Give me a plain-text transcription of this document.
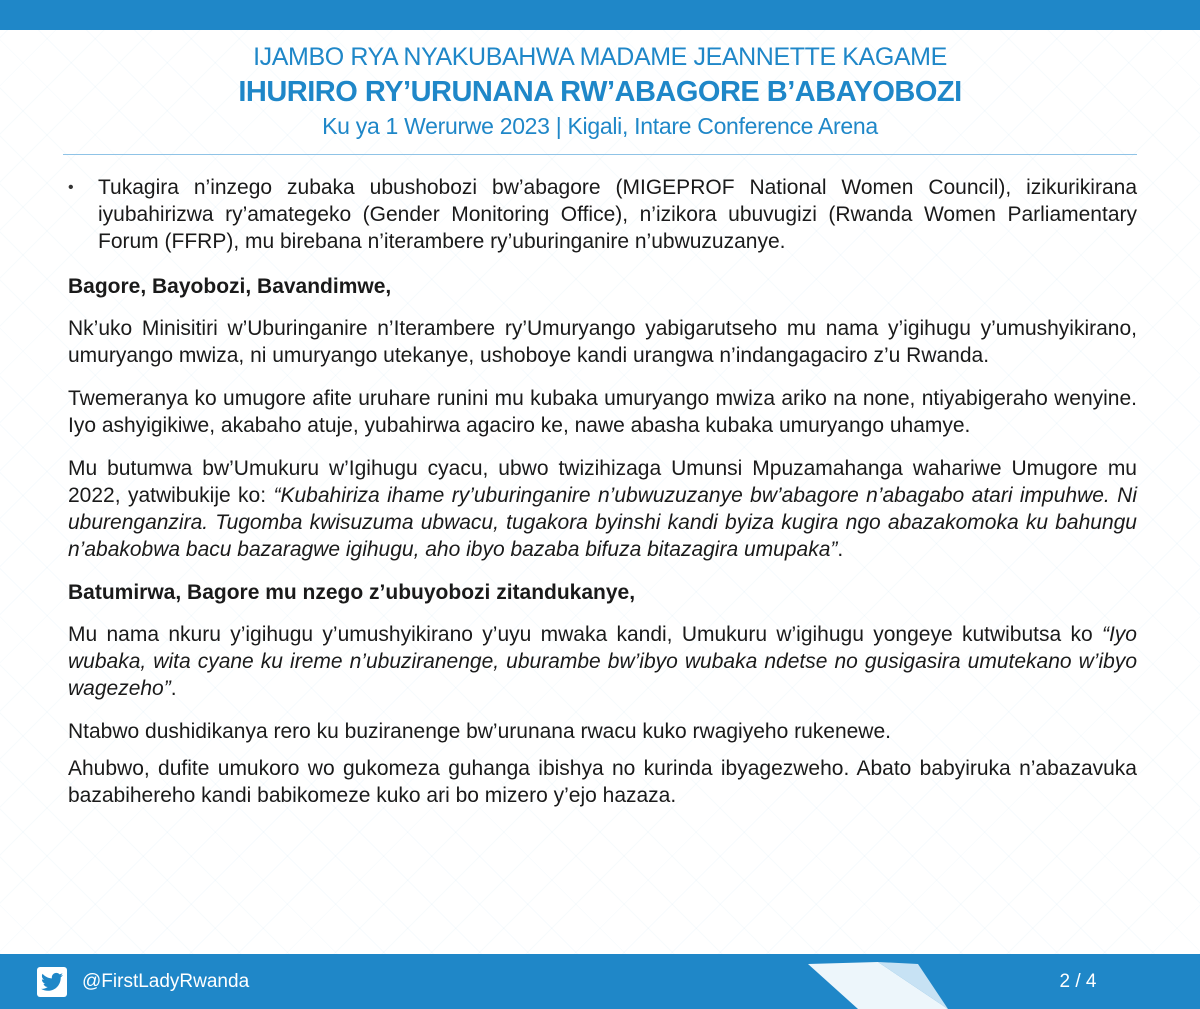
IJAMBO RYA NYAKUBAHWA MADAME JEANNETTE KAGAME
IHURIRO RY’URUNANA RW’ABAGORE B’ABAYOBOZI
Ku ya 1 Werurwe 2023 | Kigali, Intare Conference Arena
• Tukagira n’inzego zubaka ubushobozi bw’abagore (MIGEPROF National Women Council), izikurikirana iyubahirizwa ry’amategeko (Gender Monitoring Office), n’izikora ubuvugizi (Rwanda Women Parliamentary Forum (FFRP), mu birebana n’iterambere ry’uburinganire n’ubwuzuzanye.
Bagore, Bayobozi, Bavandimwe,

Nk’uko Minisitiri w’Uburinganire n’Iterambere ry’Umuryango yabigarutseho mu nama y’igihugu y’umushyikirano, umuryango mwiza, ni umuryango utekanye, ushoboye kandi urangwa n’indangagaciro z’u Rwanda.

Twemeranya ko umugore afite uruhare runini mu kubaka umuryango mwiza ariko na none, ntiyabigeraho wenyine. Iyo ashyigikiwe, akabaho atuje, yubahirwa agaciro ke, nawe abasha kubaka umuryango uhamye.

Mu butumwa bw’Umukuru w’Igihugu cyacu, ubwo twizihizaga Umunsi Mpuzamahanga wahariwe Umugore mu 2022, yatwibukije ko: “Kubahiriza ihame ry’uburinganire n’ubwuzuzanye bw’abagore n’abagabo atari impuhwe. Ni uburenganzira. Tugomba kwisuzuma ubwacu, tugakora byinshi kandi byiza kugira ngo abazakomoka ku bahungu n’abakobwa bacu bazaragwe igihugu, aho ibyo bazaba bifuza bitazagira umupaka”.

Batumirwa, Bagore mu nzego z’ubuyobozi zitandukanye,

Mu nama nkuru y’igihugu y’umushyikirano y’uyu mwaka kandi, Umukuru w’igihugu yongeye kutwibutsa ko “Iyo wubaka, wita cyane ku ireme n’ubuziranenge, uburambe bw’ibyo wubaka ndetse no gusigasira umutekano w’ibyo wagezeho”.

Ntabwo dushidikanya rero ku buziranenge bw’urunana rwacu kuko rwagiyeho rukenewe.

Ahubwo, dufite umukoro wo gukomeza guhanga ibishya no kurinda ibyagezweho. Abato babyiruka n’abazavuka bazabihereho kandi babikomeze kuko ari bo mizero y’ejo hazaza.

@FirstLadyRwanda	2 / 4
